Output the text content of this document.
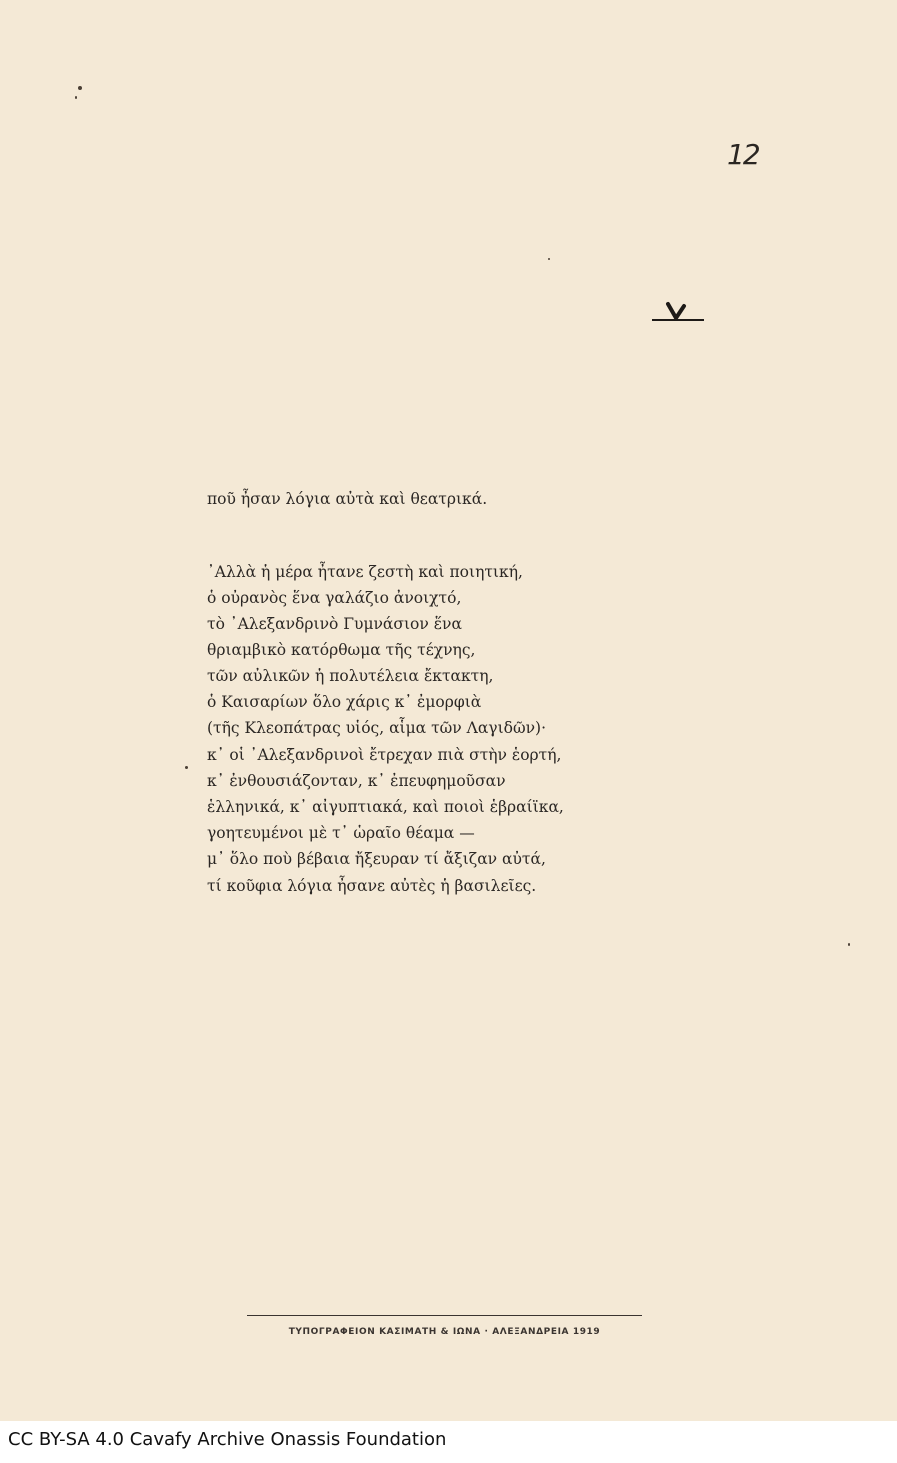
12
ποῦ ἦσαν λόγια αὐτὰ καὶ θεατρικά.
᾿Αλλὰ ἡ μέρα ἦτανε ζεστὴ καὶ ποιητική,
ὁ οὐρανὸς ἕνα γαλάζιο ἀνοιχτό,
τὸ ᾿Αλεξανδρινὸ Γυμνάσιον ἕνα
θριαμβικὸ κατόρθωμα τῆς τέχνης,
τῶν αὐλικῶν ἡ πολυτέλεια ἔκτακτη,
ὁ Καισαρίων ὅλο χάρις κ᾿ ἐμορφιὰ
(τῆς Κλεοπάτρας υἱός, αἷμα τῶν Λαγιδῶν)·
κ᾿ οἱ ᾿Αλεξανδρινοὶ ἔτρεχαν πιὰ στὴν ἑορτή,
κ᾿ ἐνθουσιάζονταν, κ᾿ ἐπευφημοῦσαν
ἑλληνικά, κ᾿ αἰγυπτιακά, καὶ ποιοὶ ἑβραίϊκα,
γοητευμένοι μὲ τ᾿ ὡραῖο θέαμα —
μ᾿ ὅλο ποὺ βέβαια ἤξευραν τί ἄξιζαν αὐτά,
τί κοῦφια λόγια ἦσανε αὐτὲς ἡ βασιλεῖες.
ΤΥΠΟΓΡΑΦΕΙΟΝ ΚΑΣΙΜΑΤΗ & ΙΩΝΑ · ΑΛΕΞΑΝΔΡΕΙΑ 1919
CC BY-SA 4.0 Cavafy Archive Onassis Foundation
